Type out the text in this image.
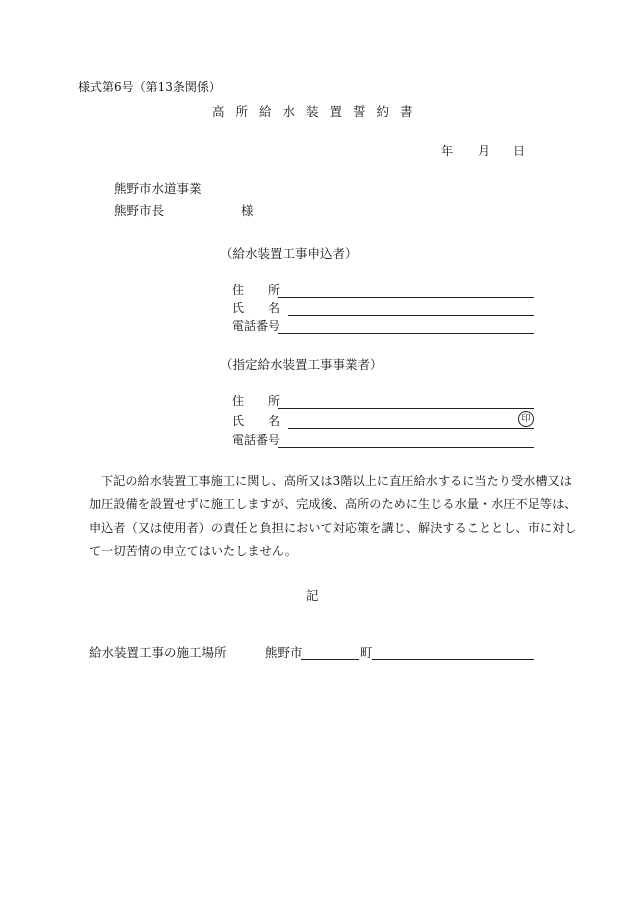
様式第6号（第13条関係）
高所給水装置誓約書
年 月 日
熊野市水道事業
熊野市長	様
（給水装置工事申込者）
住　　所
氏　　名
電話番号
（指定給水装置工事事業者）
住　　所
氏　　名	印
電話番号
下記の給水装置工事施工に関し、高所又は3階以上に直圧給水するに当たり受水槽又は
加圧設備を設置せずに施工しますが、完成後、高所のために生じる水量・水圧不足等は、
申込者（又は使用者）の責任と負担において対応策を講じ、解決することとし、市に対し
て一切苦情の申立てはいたしません。
記
給水装置工事の施工場所	熊野市	町
